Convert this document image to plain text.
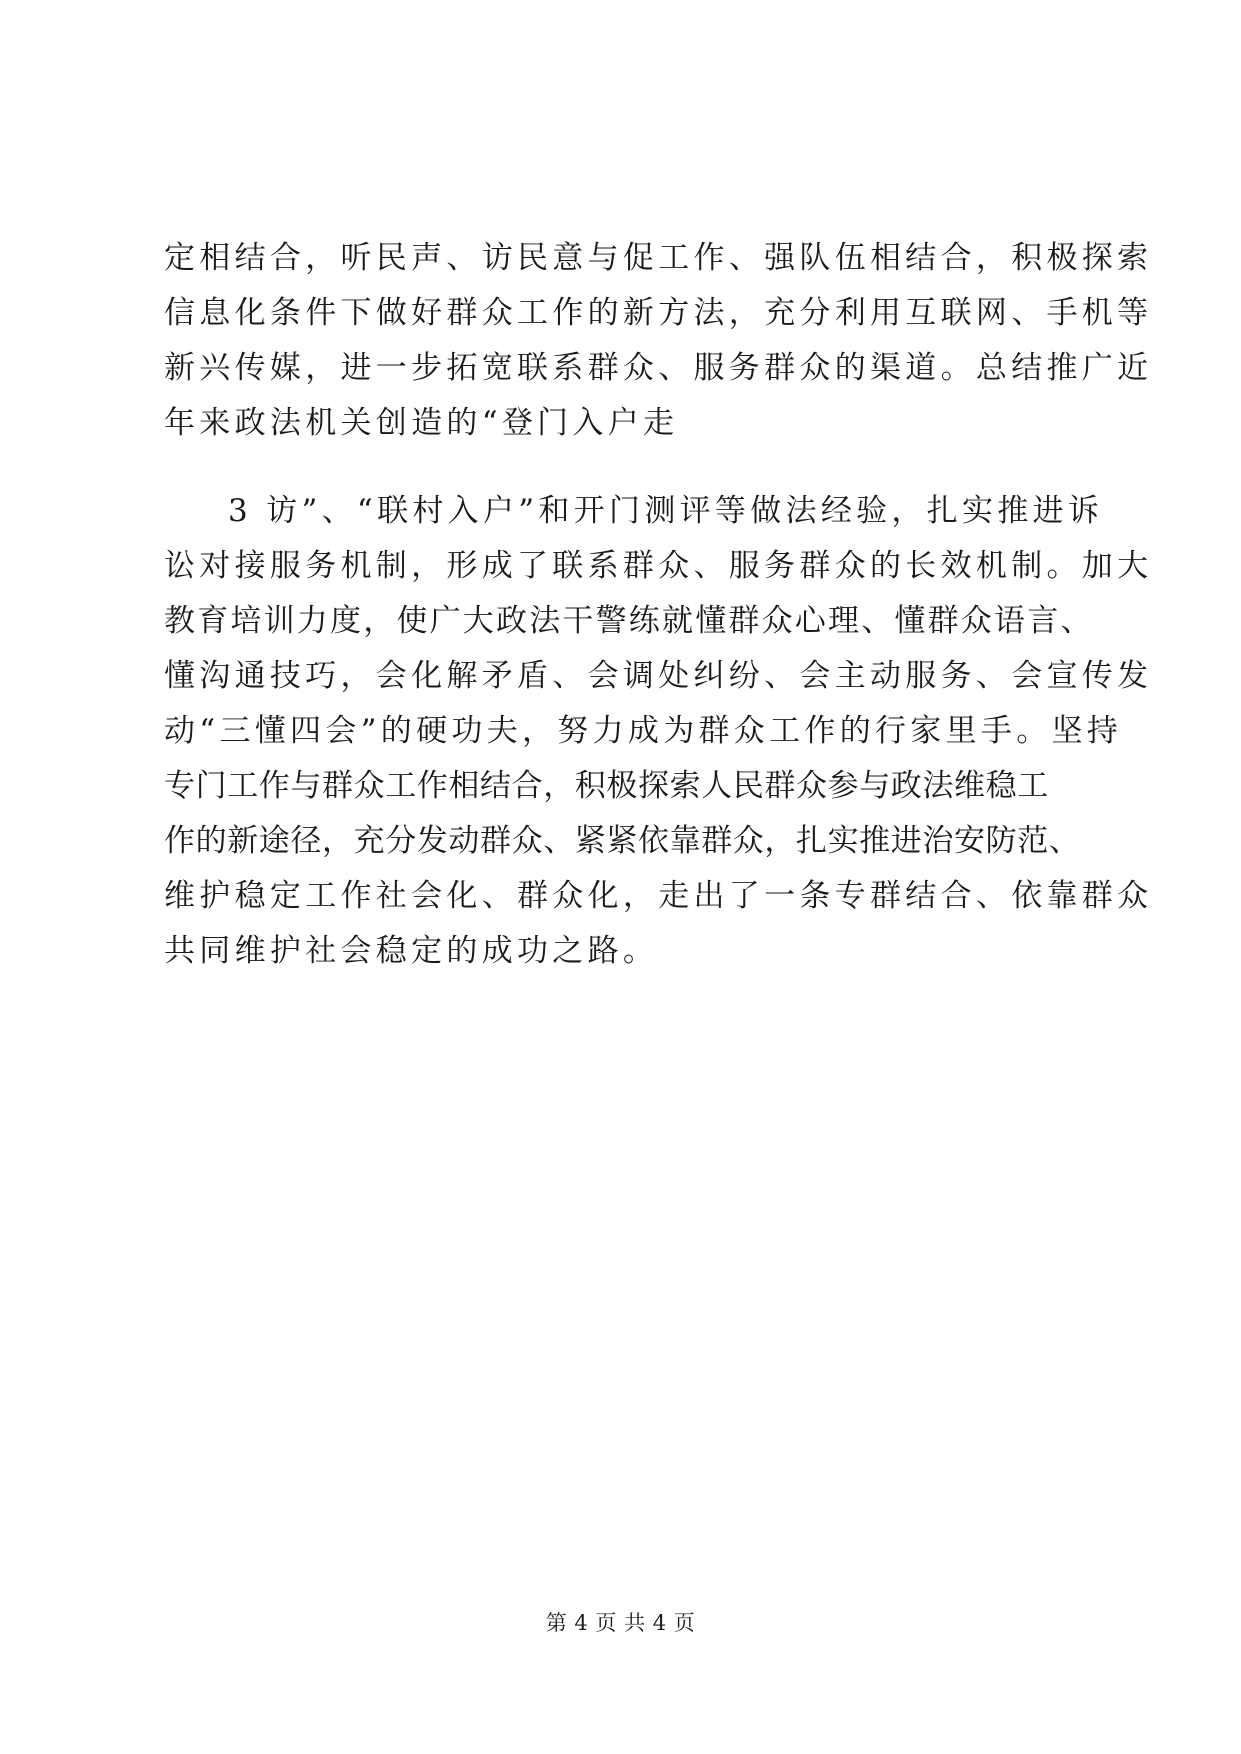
定相结合，听民声、访民意与促工作、强队伍相结合，积极探索
信息化条件下做好群众工作的新方法，充分利用互联网、手机等
新兴传媒，进一步拓宽联系群众、服务群众的渠道。总结推广近
年来政法机关创造的“登门入户走
3 访”、“联村入户”和开门测评等做法经验，扎实推进诉
讼对接服务机制，形成了联系群众、服务群众的长效机制。加大
教育培训力度，使广大政法干警练就懂群众心理、懂群众语言、
懂沟通技巧，会化解矛盾、会调处纠纷、会主动服务、会宣传发
动“三懂四会”的硬功夫，努力成为群众工作的行家里手。坚持
专门工作与群众工作相结合，积极探索人民群众参与政法维稳工
作的新途径，充分发动群众、紧紧依靠群众，扎实推进治安防范、
维护稳定工作社会化、群众化，走出了一条专群结合、依靠群众
共同维护社会稳定的成功之路。
第 4 页 共 4 页
